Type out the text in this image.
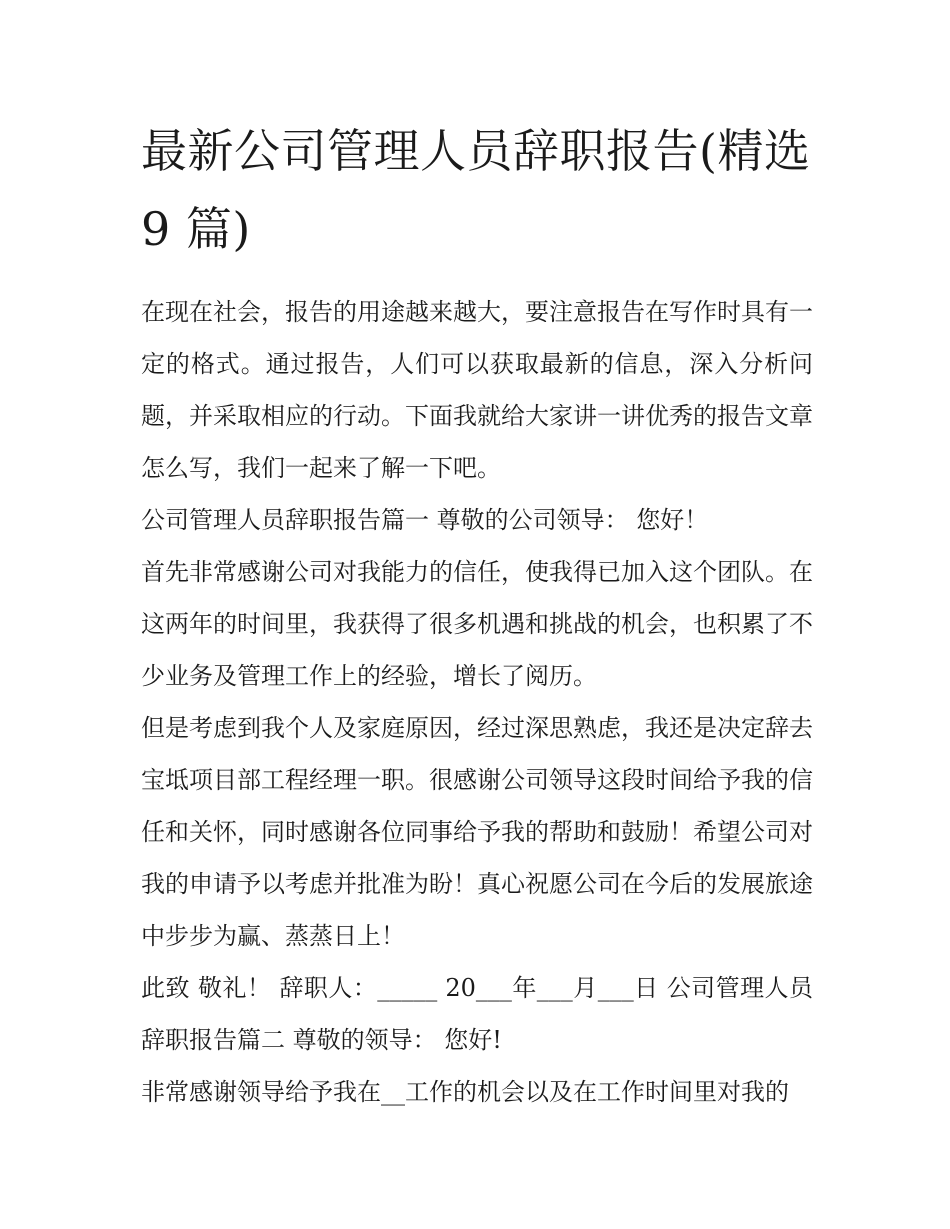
最新公司管理人员辞职报告(精选 9 篇)

在现在社会，报告的用途越来越大，要注意报告在写作时具有一定的格式。通过报告，人们可以获取最新的信息，深入分析问题，并采取相应的行动。下面我就给大家讲一讲优秀的报告文章怎么写，我们一起来了解一下吧。

公司管理人员辞职报告篇一 尊敬的公司领导： 您好！

首先非常感谢公司对我能力的信任，使我得已加入这个团队。在这两年的时间里，我获得了很多机遇和挑战的机会，也积累了不少业务及管理工作上的经验，增长了阅历。

但是考虑到我个人及家庭原因，经过深思熟虑，我还是决定辞去宝坻项目部工程经理一职。很感谢公司领导这段时间给予我的信任和关怀，同时感谢各位同事给予我的帮助和鼓励！希望公司对我的申请予以考虑并批准为盼！真心祝愿公司在今后的发展旅途中步步为赢、蒸蒸日上！

此致 敬礼！ 辞职人：_____ 20___年___月___日 公司管理人员辞职报告篇二 尊敬的领导： 您好!

非常感谢领导给予我在__工作的机会以及在工作时间里对我的
